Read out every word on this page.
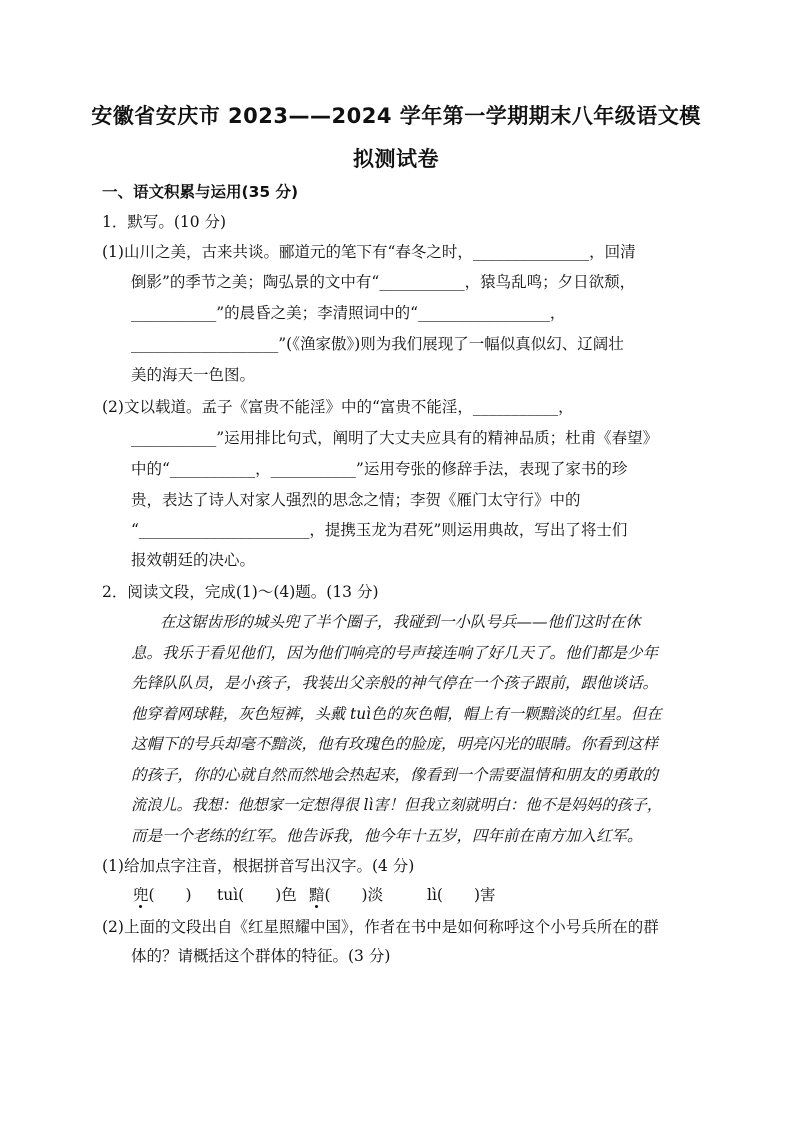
安徽省安庆市 2023——2024 学年第一学期期末八年级语文模
拟测试卷
一、语文积累与运用(35 分)
1．默写。(10 分)
(1)山川之美，古来共谈。郦道元的笔下有“春冬之时，_______________，回清
倒影”的季节之美；陶弘景的文中有“___________，猿鸟乱鸣；夕日欲颓，
___________”的晨昏之美；李清照词中的“_________________，
___________________”(《渔家傲》)则为我们展现了一幅似真似幻、辽阔壮
美的海天一色图。
(2)文以载道。孟子《富贵不能淫》中的“富贵不能淫，___________，
___________”运用排比句式，阐明了大丈夫应具有的精神品质；杜甫《春望》
中的“___________，___________”运用夸张的修辞手法，表现了家书的珍
贵，表达了诗人对家人强烈的思念之情；李贺《雁门太守行》中的
“______________________，提携玉龙为君死”则运用典故，写出了将士们
报效朝廷的决心。
2．阅读文段，完成(1)～(4)题。(13 分)
在这锯齿形的城头兜了半个圈子，我碰到一小队号兵——他们这时在休
息。我乐于看见他们，因为他们响亮的号声接连响了好几天了。他们都是少年
先锋队队员，是小孩子，我装出父亲般的神气停在一个孩子跟前，跟他谈话。
他穿着网球鞋，灰色短裤，头戴 tuì色的灰色帽，帽上有一颗黯淡的红星。但在
这帽下的号兵却毫不黯淡，他有玫瑰色的脸庞，明亮闪光的眼睛。你看到这样
的孩子，你的心就自然而然地会热起来，像看到一个需要温情和朋友的勇敢的
流浪儿。我想：他想家一定想得很 lì害！但我立刻就明白：他不是妈妈的孩子，
而是一个老练的红军。他告诉我，他今年十五岁，四年前在南方加入红军。
(1)给加点字注音，根据拼音写出汉字。(4 分)
兜(　　) tuì(　　)色 黯(　　)淡	lì(　　)害
(2)上面的文段出自《红星照耀中国》，作者在书中是如何称呼这个小号兵所在的群
体的？请概括这个群体的特征。(3 分)
